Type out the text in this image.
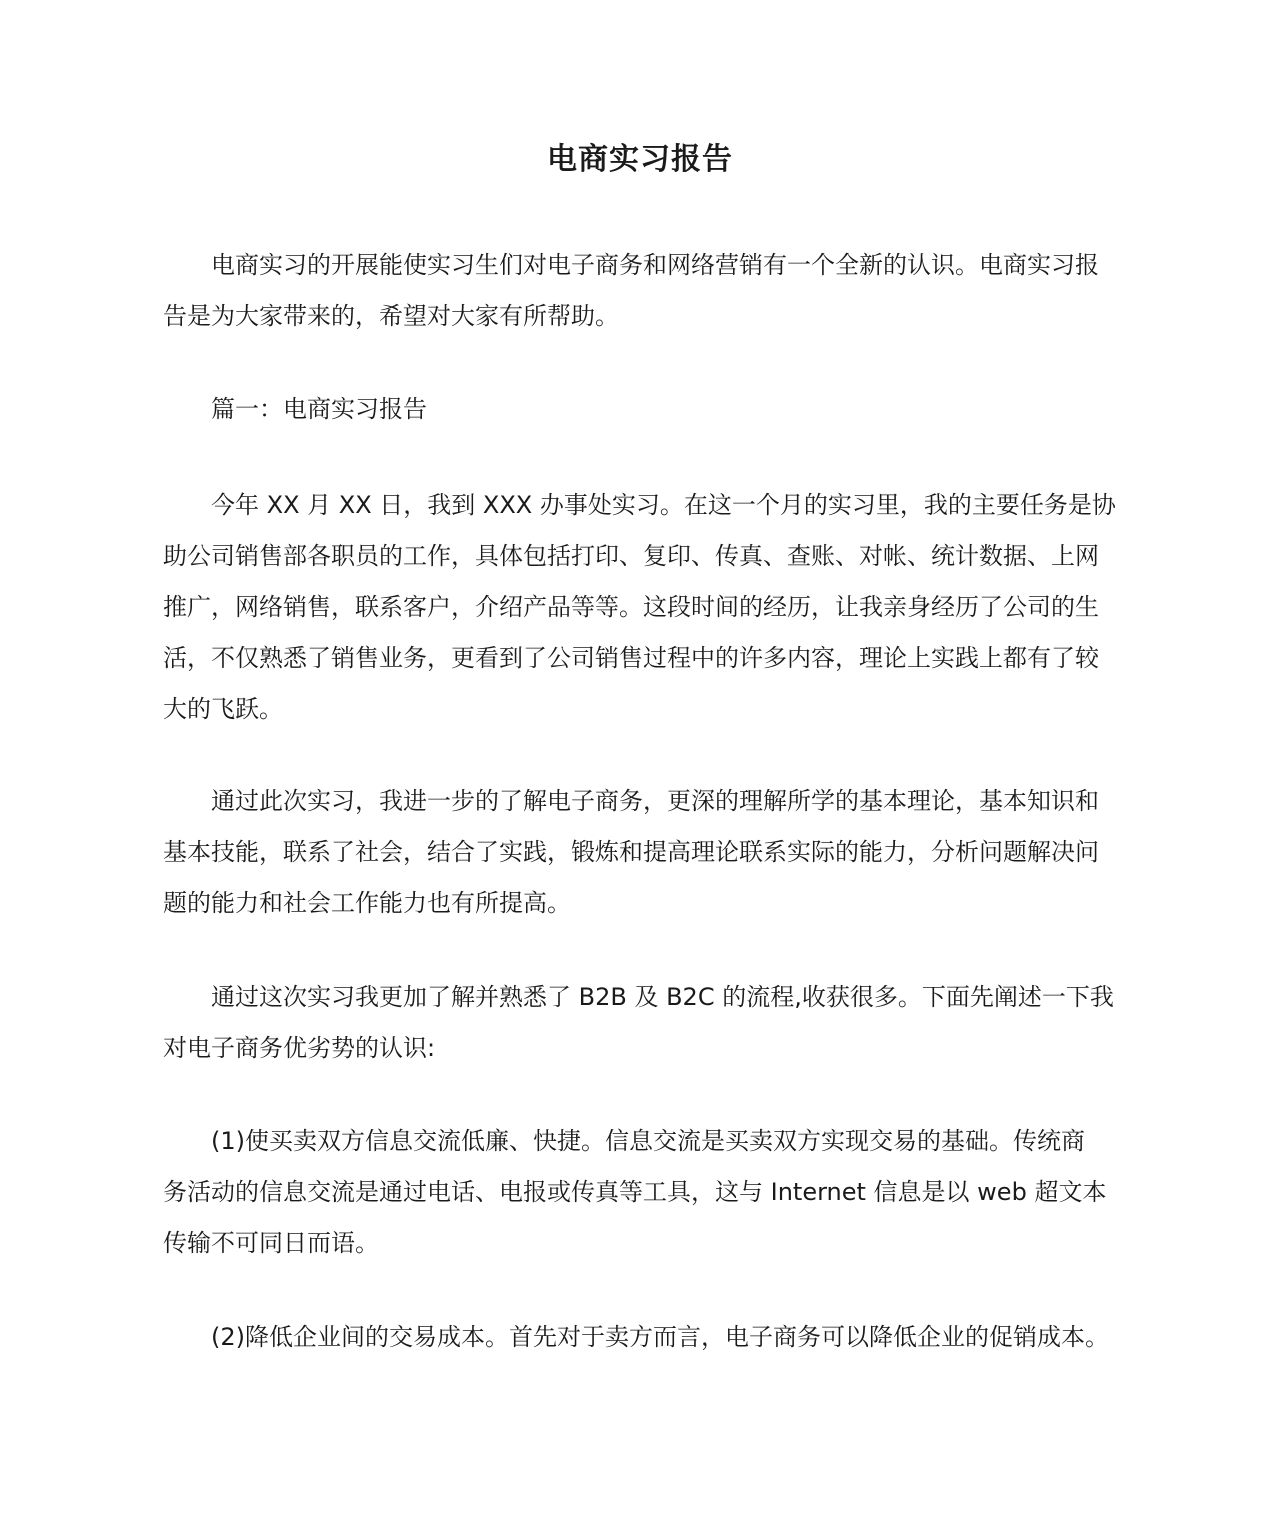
电商实习报告
电商实习的开展能使实习生们对电子商务和网络营销有一个全新的认识。电商实习报
告是为大家带来的，希望对大家有所帮助。
篇一：电商实习报告
今年 XX 月 XX 日，我到 XXX 办事处实习。在这一个月的实习里，我的主要任务是协
助公司销售部各职员的工作，具体包括打印、复印、传真、查账、对帐、统计数据、上网
推广，网络销售，联系客户，介绍产品等等。这段时间的经历，让我亲身经历了公司的生
活，不仅熟悉了销售业务，更看到了公司销售过程中的许多内容，理论上实践上都有了较
大的飞跃。
通过此次实习，我进一步的了解电子商务，更深的理解所学的基本理论，基本知识和
基本技能，联系了社会，结合了实践，锻炼和提高理论联系实际的能力，分析问题解决问
题的能力和社会工作能力也有所提高。
通过这次实习我更加了解并熟悉了 B2B 及 B2C 的流程,收获很多。下面先阐述一下我
对电子商务优劣势的认识:
(1)使买卖双方信息交流低廉、快捷。信息交流是买卖双方实现交易的基础。传统商
务活动的信息交流是通过电话、电报或传真等工具，这与 Internet 信息是以 web 超文本
传输不可同日而语。
(2)降低企业间的交易成本。首先对于卖方而言，电子商务可以降低企业的促销成本。
